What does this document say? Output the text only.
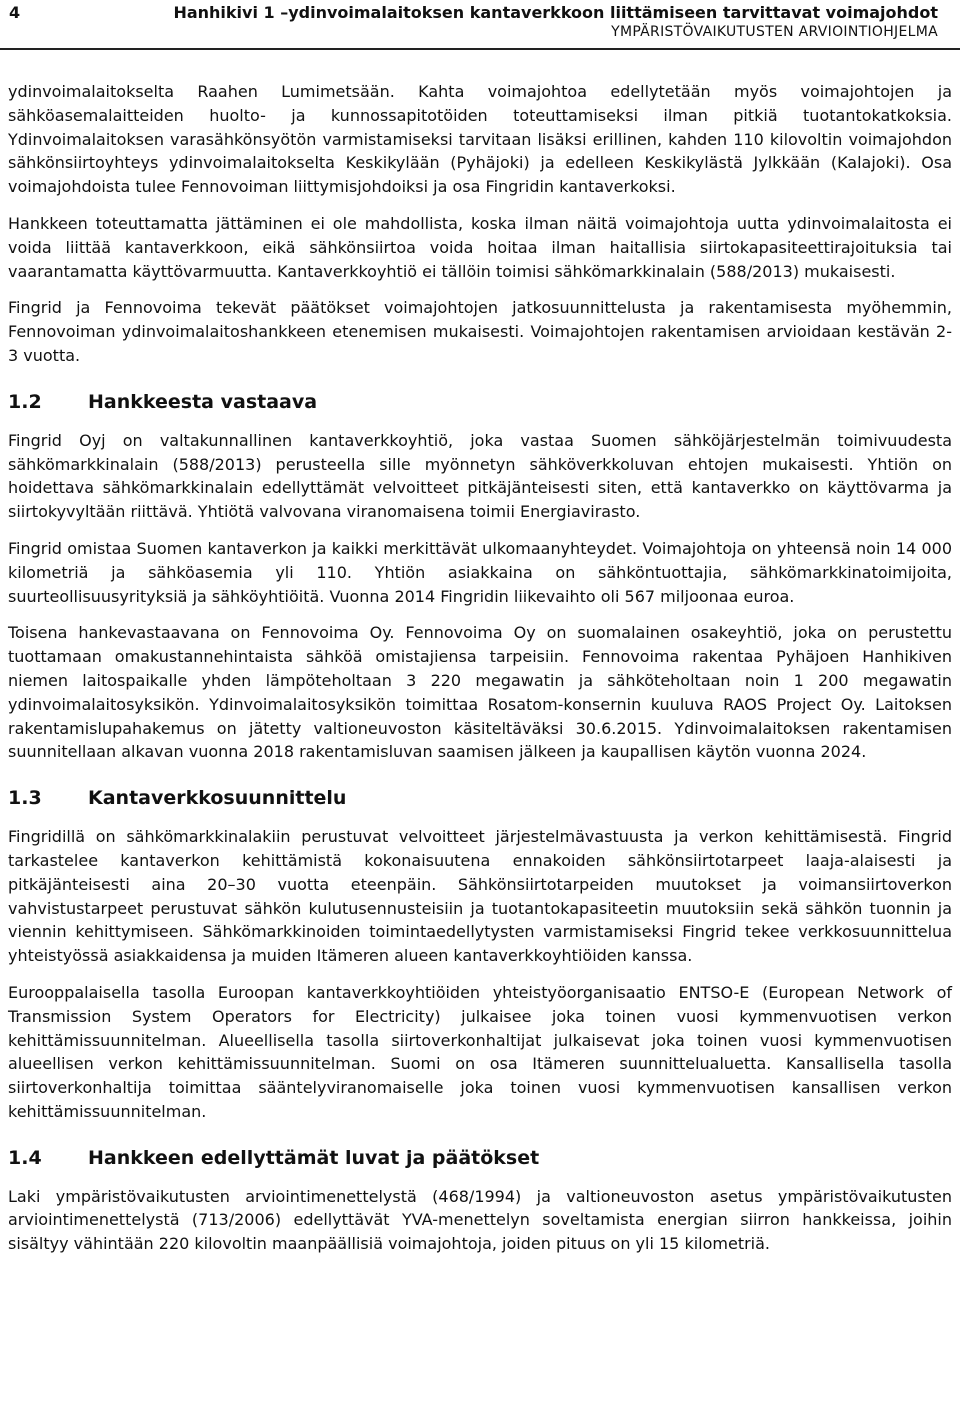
4	Hanhikivi 1 –ydinvoimalaitoksen kantaverkkoon liittämiseen tarvittavat voimajohdot
YMPÄRISTÖVAIKUTUSTEN ARVIOINTIOHJELMA

ydinvoimalaitokselta Raahen Lumimetsään. Kahta voimajohtoa edellytetään myös voimajohtojen ja sähköasemalaitteiden huolto- ja kunnossapitotöiden toteuttamiseksi ilman pitkiä tuotantokatkoksia. Ydinvoimalaitoksen varasähkönsyötön varmistamiseksi tarvitaan lisäksi erillinen, kahden 110 kilovoltin voimajohdon sähkönsiirtoyhteys ydinvoimalaitokselta Keskikylään (Pyhäjoki) ja edelleen Keskikylästä Jylkkään (Kalajoki). Osa voimajohdoista tulee Fennovoiman liittymisjohdoiksi ja osa Fingridin kantaverkoksi.

Hankkeen toteuttamatta jättäminen ei ole mahdollista, koska ilman näitä voimajohtoja uutta ydinvoimalaitosta ei voida liittää kantaverkkoon, eikä sähkönsiirtoa voida hoitaa ilman haitallisia siirtokapasiteettirajoituksia tai vaarantamatta käyttövarmuutta. Kantaverkkoyhtiö ei tällöin toimisi sähkömarkkinalain (588/2013) mukaisesti.

Fingrid ja Fennovoima tekevät päätökset voimajohtojen jatkosuunnittelusta ja rakentamisesta myöhemmin, Fennovoiman ydinvoimalaitoshankkeen etenemisen mukaisesti. Voimajohtojen rakentamisen arvioidaan kestävän 2-3 vuotta.

1.2 Hankkeesta vastaava

Fingrid Oyj on valtakunnallinen kantaverkkoyhtiö, joka vastaa Suomen sähköjärjestelmän toimivuudesta sähkömarkkinalain (588/2013) perusteella sille myönnetyn sähköverkkoluvan ehtojen mukaisesti. Yhtiön on hoidettava sähkömarkkinalain edellyttämät velvoitteet pitkäjänteisesti siten, että kantaverkko on käyttövarma ja siirtokyvyltään riittävä. Yhtiötä valvovana viranomaisena toimii Energiavirasto.

Fingrid omistaa Suomen kantaverkon ja kaikki merkittävät ulkomaanyhteydet. Voimajohtoja on yhteensä noin 14 000 kilometriä ja sähköasemia yli 110. Yhtiön asiakkaina on sähköntuottajia, sähkömarkkinatoimijoita, suurteollisuusyrityksiä ja sähköyhtiöitä. Vuonna 2014 Fingridin liikevaihto oli 567 miljoonaa euroa.

Toisena hankevastaavana on Fennovoima Oy. Fennovoima Oy on suomalainen osakeyhtiö, joka on perustettu tuottamaan omakustannehintaista sähköä omistajiensa tarpeisiin. Fennovoima rakentaa Pyhäjoen Hanhikiven niemen laitospaikalle yhden lämpöteholtaan 3 220 megawatin ja sähköteholtaan noin 1 200 megawatin ydinvoimalaitosyksikön. Ydinvoimalaitosyksikön toimittaa Rosatom-konsernin kuuluva RAOS Project Oy. Laitoksen rakentamislupahakemus on jätetty valtioneuvoston käsiteltäväksi 30.6.2015. Ydinvoimalaitoksen rakentamisen suunnitellaan alkavan vuonna 2018 rakentamisluvan saamisen jälkeen ja kaupallisen käytön vuonna 2024.

1.3 Kantaverkkosuunnittelu

Fingridillä on sähkömarkkinalakiin perustuvat velvoitteet järjestelmävastuusta ja verkon kehittämisestä. Fingrid tarkastelee kantaverkon kehittämistä kokonaisuutena ennakoiden sähkönsiirtotarpeet laaja-alaisesti ja pitkäjänteisesti aina 20–30 vuotta eteenpäin. Sähkönsiirtotarpeiden muutokset ja voimansiirtoverkon vahvistustarpeet perustuvat sähkön kulutusennusteisiin ja tuotantokapasiteetin muutoksiin sekä sähkön tuonnin ja viennin kehittymiseen. Sähkömarkkinoiden toimintaedellytysten varmistamiseksi Fingrid tekee verkkosuunnittelua yhteistyössä asiakkaidensa ja muiden Itämeren alueen kantaverkkoyhtiöiden kanssa.

Eurooppalaisella tasolla Euroopan kantaverkkoyhtiöiden yhteistyöorganisaatio ENTSO-E (European Network of Transmission System Operators for Electricity) julkaisee joka toinen vuosi kymmenvuotisen verkon kehittämissuunnitelman. Alueellisella tasolla siirtoverkonhaltijat julkaisevat joka toinen vuosi kymmenvuotisen alueellisen verkon kehittämissuunnitelman. Suomi on osa Itämeren suunnittelualuetta. Kansallisella tasolla siirtoverkonhaltija toimittaa sääntelyviranomaiselle joka toinen vuosi kymmenvuotisen kansallisen verkon kehittämissuunnitelman.

1.4 Hankkeen edellyttämät luvat ja päätökset

Laki ympäristövaikutusten arviointimenettelystä (468/1994) ja valtioneuvoston asetus ympäristövaikutusten arviointimenettelystä (713/2006) edellyttävät YVA-menettelyn soveltamista energian siirron hankkeissa, joihin sisältyy vähintään 220 kilovoltin maanpäällisiä voimajohtoja, joiden pituus on yli 15 kilometriä.
